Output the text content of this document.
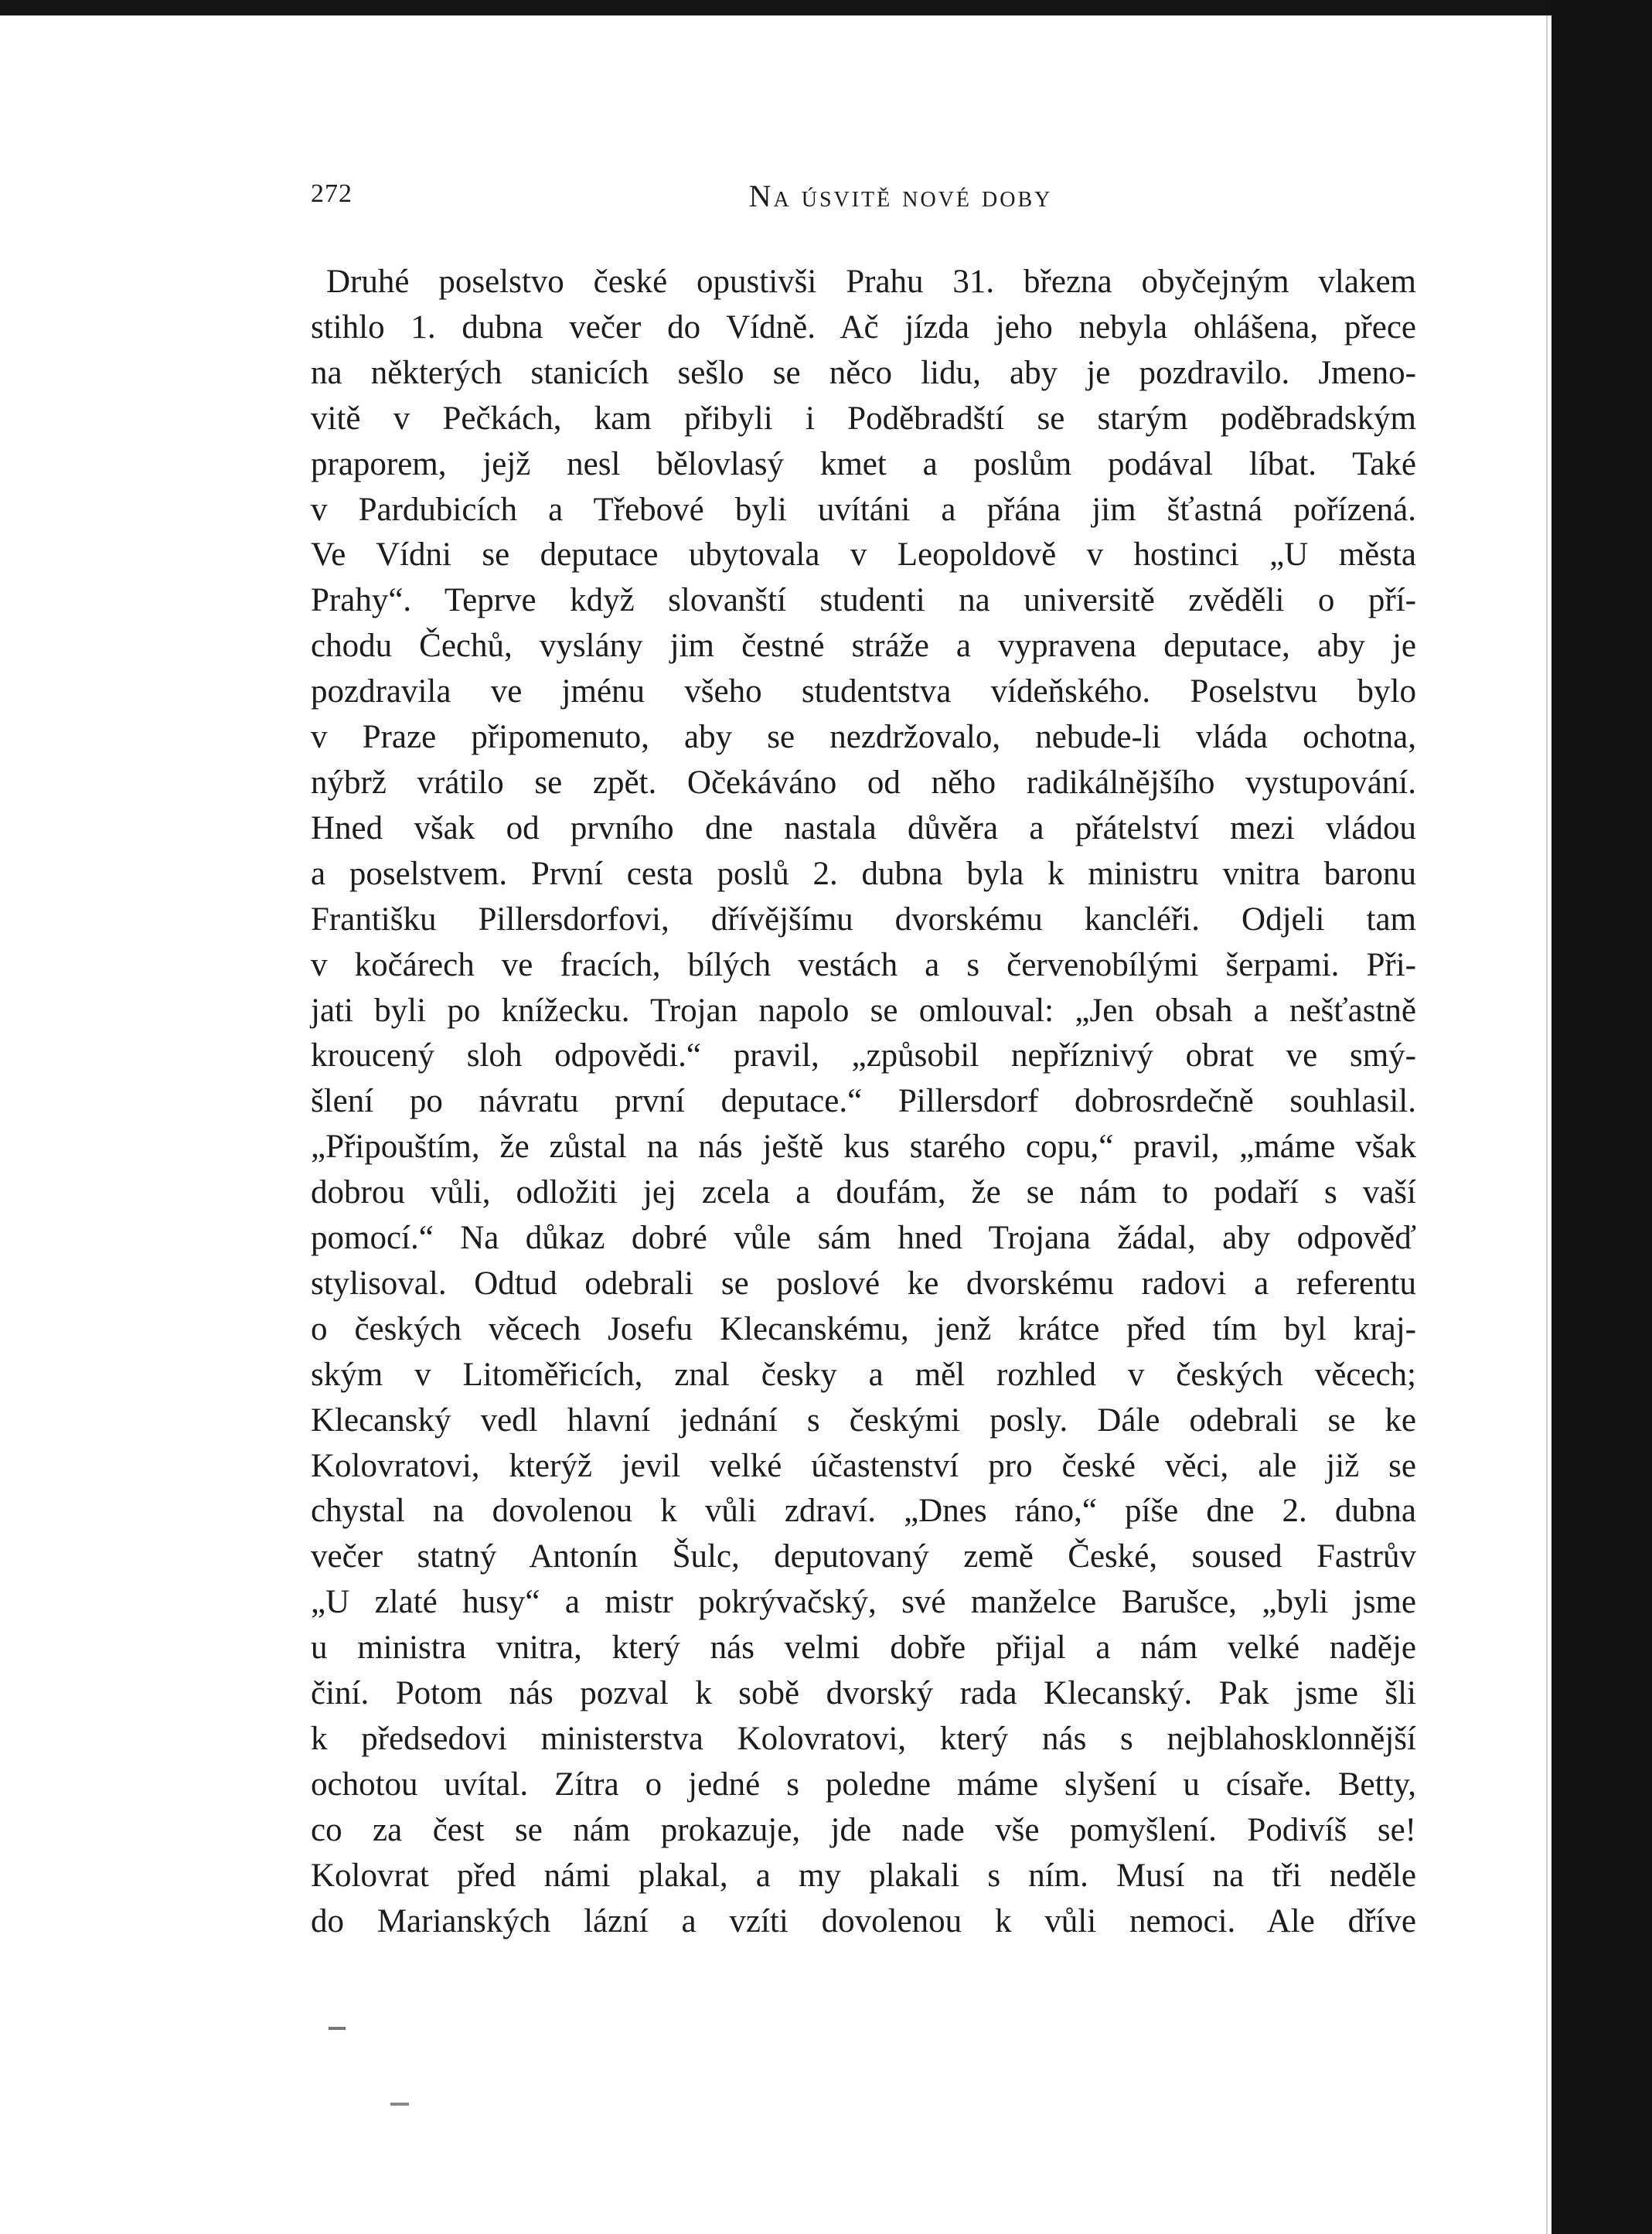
272	Na úsvitě nové doby
Druhé poselstvo české opustivši Prahu 31. března obyčejným vlakem
stihlo 1. dubna večer do Vídně. Ač jízda jeho nebyla ohlášena, přece
na některých stanicích sešlo se něco lidu, aby je pozdravilo. Jmeno-
vitě v Pečkách, kam přibyli i Poděbradští se starým poděbradským
praporem, jejž nesl bělovlasý kmet a poslům podával líbat. Také
v Pardubicích a Třebové byli uvítáni a přána jim šťastná pořízená.
Ve Vídni se deputace ubytovala v Leopoldově v hostinci „U města
Prahy“. Teprve když slovanští studenti na universitě zvěděli o pří-
chodu Čechů, vyslány jim čestné stráže a vypravena deputace, aby je
pozdravila ve jménu všeho studentstva vídeňského. Poselstvu bylo
v Praze připomenuto, aby se nezdržovalo, nebude-li vláda ochotna,
nýbrž vrátilo se zpět. Očekáváno od něho radikálnějšího vystupování.
Hned však od prvního dne nastala důvěra a přátelství mezi vládou
a poselstvem. První cesta poslů 2. dubna byla k ministru vnitra baronu
Františku Pillersdorfovi, dřívějšímu dvorskému kancléři. Odjeli tam
v kočárech ve fracích, bílých vestách a s červenobílými šerpami. Při-
jati byli po knížecku. Trojan napolo se omlouval: „Jen obsah a nešťastně
kroucený sloh odpovědi.“ pravil, „způsobil nepříznivý obrat ve smý-
šlení po návratu první deputace.“ Pillersdorf dobrosrdečně souhlasil.
„Připouštím, že zůstal na nás ještě kus starého copu,“ pravil, „máme však
dobrou vůli, odložiti jej zcela a doufám, že se nám to podaří s vaší
pomocí.“ Na důkaz dobré vůle sám hned Trojana žádal, aby odpověď
stylisoval. Odtud odebrali se poslové ke dvorskému radovi a referentu
o českých věcech Josefu Klecanskému, jenž krátce před tím byl kraj-
ským v Litoměřicích, znal česky a měl rozhled v českých věcech;
Klecanský vedl hlavní jednání s českými posly. Dále odebrali se ke
Kolovratovi, kterýž jevil velké účastenství pro české věci, ale již se
chystal na dovolenou k vůli zdraví. „Dnes ráno,“ píše dne 2. dubna
večer statný Antonín Šulc, deputovaný země České, soused Fastrův
„U zlaté husy“ a mistr pokrývačský, své manželce Barušce, „byli jsme
u ministra vnitra, který nás velmi dobře přijal a nám velké naděje
činí. Potom nás pozval k sobě dvorský rada Klecanský. Pak jsme šli
k předsedovi ministerstva Kolovratovi, který nás s nejblahosklonnější
ochotou uvítal. Zítra o jedné s poledne máme slyšení u císaře. Betty,
co za čest se nám prokazuje, jde nade vše pomyšlení. Podivíš se!
Kolovrat před námi plakal, a my plakali s ním. Musí na tři neděle
do Marianských lázní a vzíti dovolenou k vůli nemoci. Ale dříve
